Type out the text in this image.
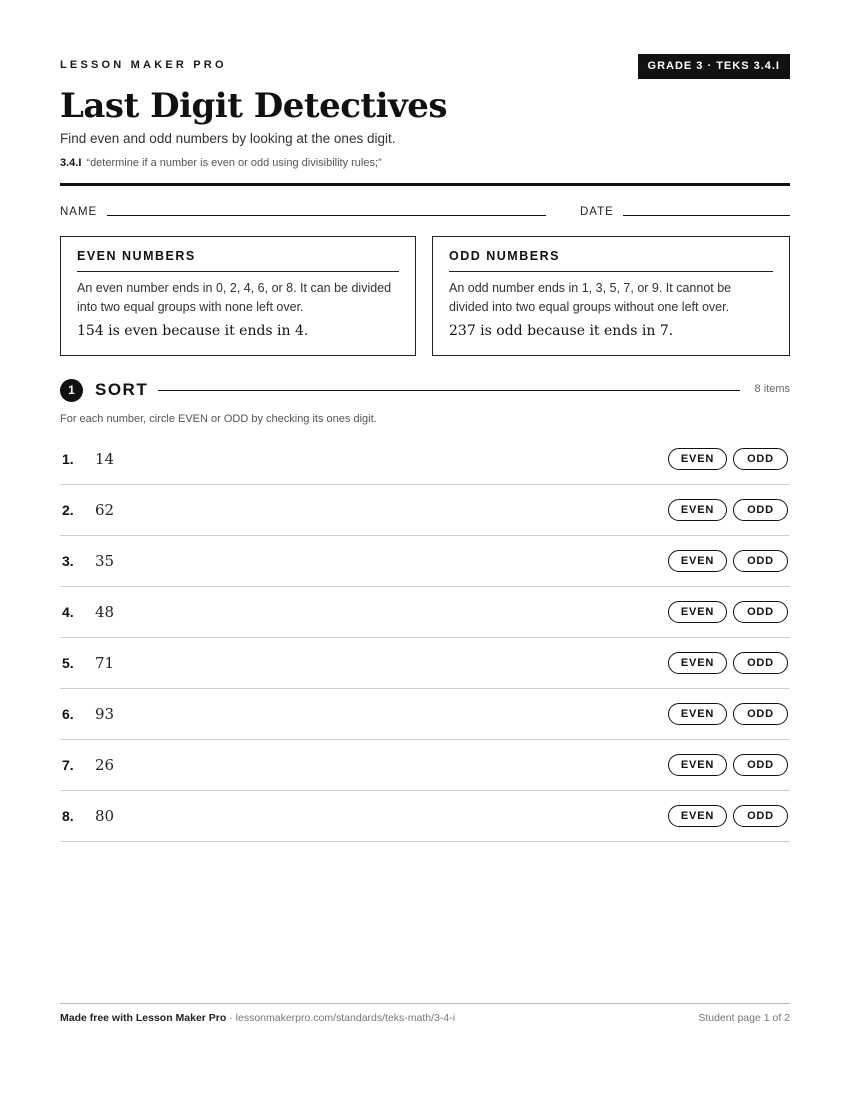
LESSON MAKER PRO	GRADE 3 · TEKS 3.4.I
Last Digit Detectives
Find even and odd numbers by looking at the ones digit.
3.4.I “determine if a number is even or odd using divisibility rules;”
NAME	DATE
EVEN NUMBERS
An even number ends in 0, 2, 4, 6, or 8. It can be divided into two equal groups with none left over.
154 is even because it ends in 4.
ODD NUMBERS
An odd number ends in 1, 3, 5, 7, or 9. It cannot be divided into two equal groups without one left over.
237 is odd because it ends in 7.
1	SORT	8 items
For each number, circle EVEN or ODD by checking its ones digit.
1. 14	EVEN	ODD
2. 62	EVEN	ODD
3. 35	EVEN	ODD
4. 48	EVEN	ODD
5. 71	EVEN	ODD
6. 93	EVEN	ODD
7. 26	EVEN	ODD
8. 80	EVEN	ODD
Made free with Lesson Maker Pro · lessonmakerpro.com/standards/teks-math/3-4-i	Student page 1 of 2
